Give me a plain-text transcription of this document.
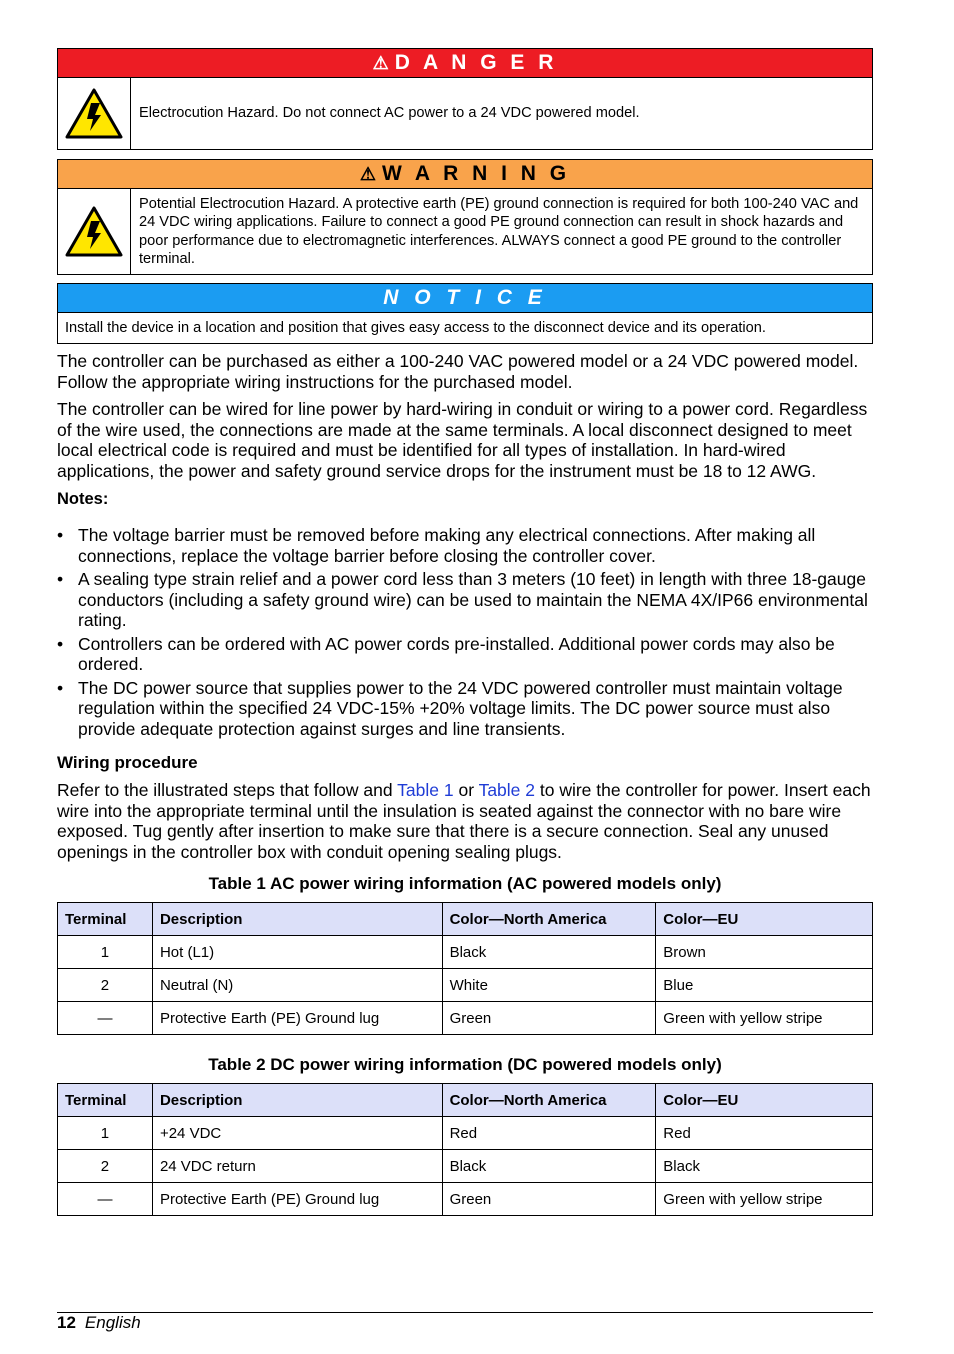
⚠ D A N G E R
Electrocution Hazard. Do not connect AC power to a 24 VDC powered model.
⚠ W A R N I N G
Potential Electrocution Hazard. A protective earth (PE) ground connection is required for both 100-240 VAC and 24 VDC wiring applications. Failure to connect a good PE ground connection can result in shock hazards and poor performance due to electromagnetic interferences. ALWAYS connect a good PE ground to the controller terminal.
N O T I C E
Install the device in a location and position that gives easy access to the disconnect device and its operation.

The controller can be purchased as either a 100-240 VAC powered model or a 24 VDC powered model. Follow the appropriate wiring instructions for the purchased model.

The controller can be wired for line power by hard-wiring in conduit or wiring to a power cord. Regardless of the wire used, the connections are made at the same terminals. A local disconnect designed to meet local electrical code is required and must be identified for all types of installation. In hard-wired applications, the power and safety ground service drops for the instrument must be 18 to 12 AWG.

Notes:
• The voltage barrier must be removed before making any electrical connections. After making all connections, replace the voltage barrier before closing the controller cover.
• A sealing type strain relief and a power cord less than 3 meters (10 feet) in length with three 18-gauge conductors (including a safety ground wire) can be used to maintain the NEMA 4X/IP66 environmental rating.
• Controllers can be ordered with AC power cords pre-installed. Additional power cords may also be ordered.
• The DC power source that supplies power to the 24 VDC powered controller must maintain voltage regulation within the specified 24 VDC-15% +20% voltage limits. The DC power source must also provide adequate protection against surges and line transients.
Wiring procedure

Refer to the illustrated steps that follow and Table 1 or Table 2 to wire the controller for power. Insert each wire into the appropriate terminal until the insulation is seated against the connector with no bare wire exposed. Tug gently after insertion to make sure that there is a secure connection. Seal any unused openings in the controller box with conduit opening sealing plugs.

Table 1 AC power wiring information (AC powered models only)
Terminal	Description	Color—North America	Color—EU
1	Hot (L1)	Black	Brown
2	Neutral (N)	White	Blue
—	Protective Earth (PE) Ground lug	Green	Green with yellow stripe
Table 2 DC power wiring information (DC powered models only)
Terminal	Description	Color—North America	Color—EU
1	+24 VDC	Red	Red
2	24 VDC return	Black	Black
—	Protective Earth (PE) Ground lug	Green	Green with yellow stripe
12 English
